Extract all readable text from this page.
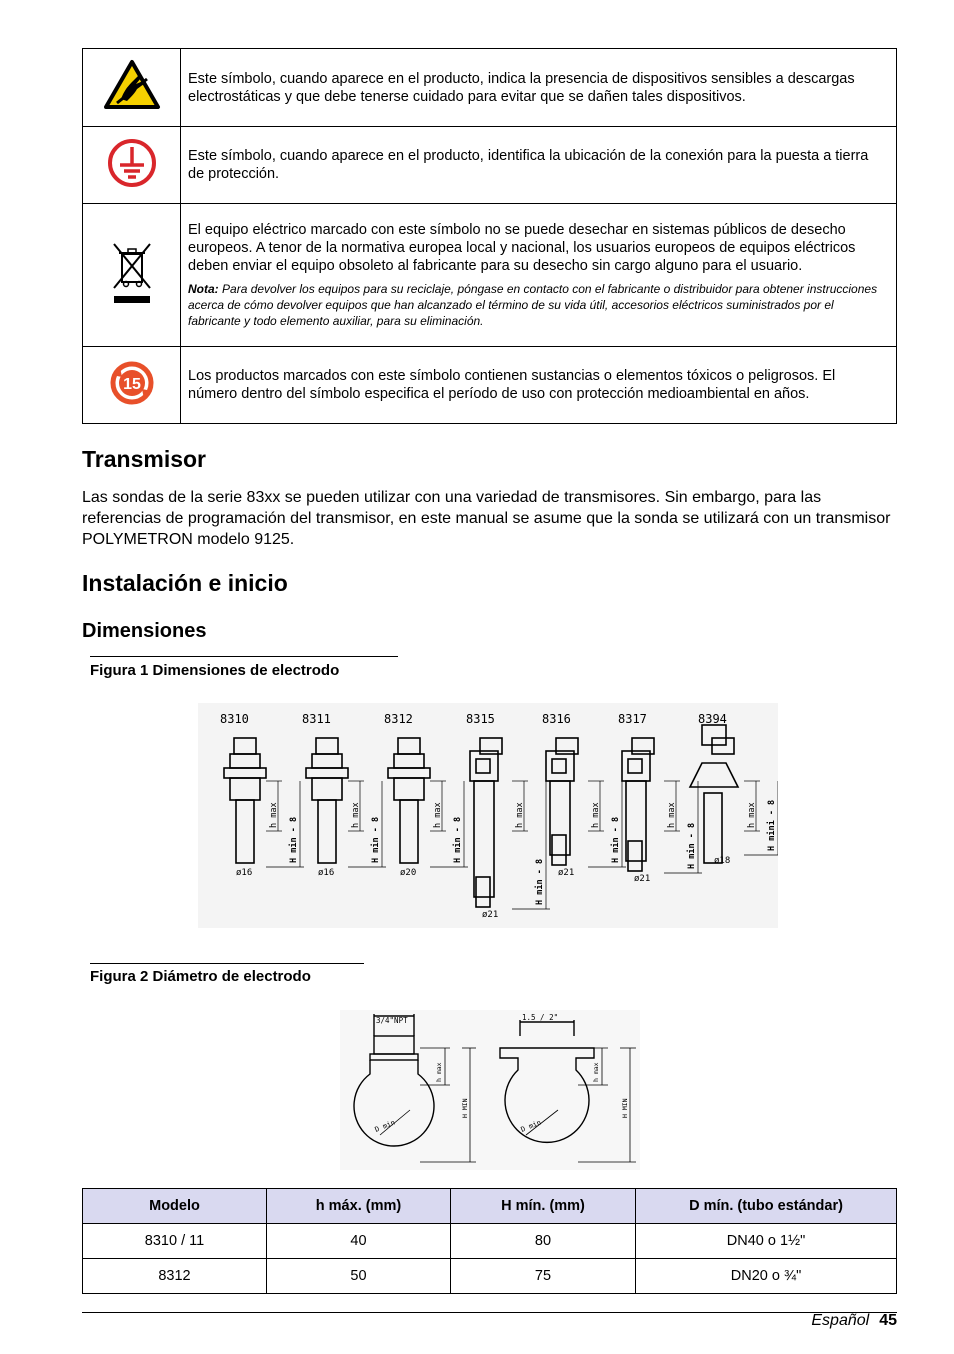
	Este símbolo, cuando aparece en el producto, indica la presencia de dispositivos sensibles a descargas electrostáticas y que debe tenerse cuidado para evitar que se dañen tales dispositivos.
	Este símbolo, cuando aparece en el producto, identifica la ubicación de la conexión para la puesta a tierra de protección.

El equipo eléctrico marcado con este símbolo no se puede desechar en sistemas públicos de desecho europeos. A tenor de la normativa europea local y nacional, los usuarios europeos de equipos eléctricos deben enviar el equipo obsoleto al fabricante para su desecho sin cargo alguno para el usuario.
Nota: Para devolver los equipos para su reciclaje, póngase en contacto con el fabricante o distribuidor para obtener instrucciones acerca de cómo devolver equipos que han alcanzado el término de su vida útil, accesorios eléctricos suministrados por el fabricante y todo elemento auxiliar, para su eliminación.

15	Los productos marcados con este símbolo contienen sustancias o elementos tóxicos o peligrosos. El número dentro del símbolo especifica el período de uso con protección medioambiental en años.
Transmisor

Las sondas de la serie 83xx se pueden utilizar con una variedad de transmisores. Sin embargo, para las referencias de programación del transmisor, en este manual se asume que la sonda se utilizará con un transmisor POLYMETRON modelo 9125.

Instalación e inicio
Dimensiones
Figura 1 Dimensiones de electrodo
8310
ø16
h max
H min - 8
8311
ø16
h max
H min - 8
8312
ø20
h max
H min - 8
8315
ø21
h max
H min - 8
8316
ø21
h max
H min - 8
8317
ø21
h max
H min - 8
8394
ø18
h max H mini - 8
Figura 2 Diámetro de electrodo
3/4"NPT	1.5 / 2"
h max
H MIN
h max
H MIN
D min	D min
Modelo	h máx. (mm)	H mín. (mm)	D mín. (tubo estándar)
8310 / 11	40	80	DN40 o 1½"
8312	50	75	DN20 o ¾"
Español 45
